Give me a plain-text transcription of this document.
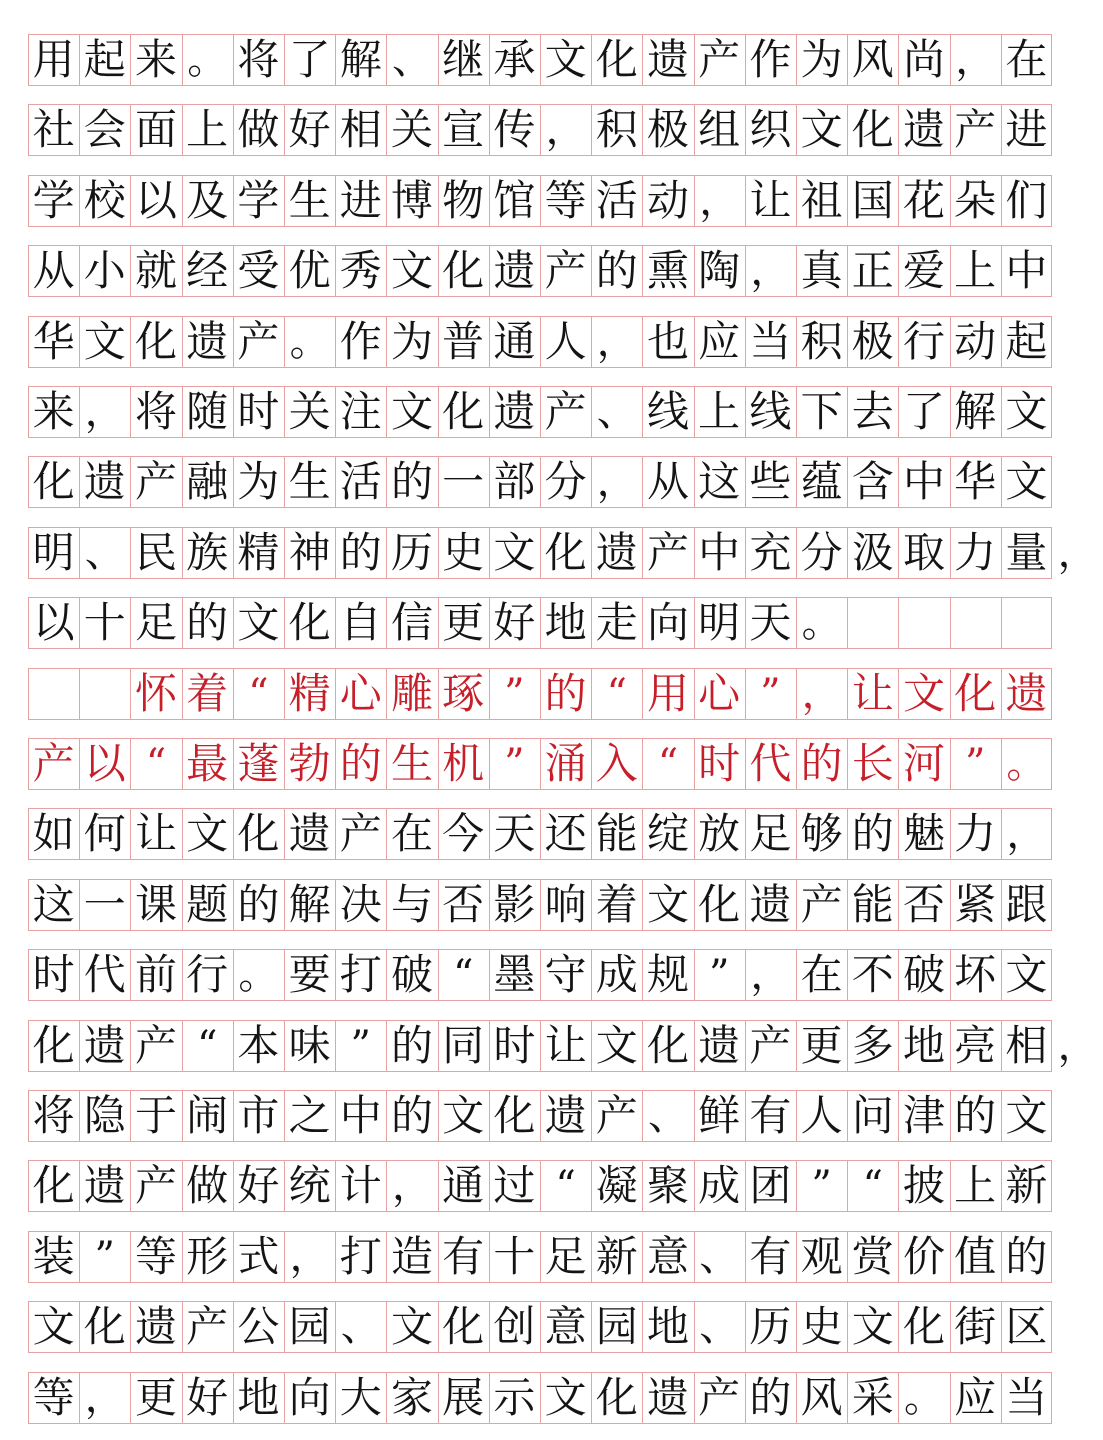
用 起 来 。 将 了 解 、 继 承 文 化 遗 产 作 为 风 尚 ， 在
社 会 面 上 做 好 相 关 宣 传 ， 积 极 组 织 文 化 遗 产 进
学 校 以 及 学 生 进 博 物 馆 等 活 动 ， 让 祖 国 花 朵 们
从 小 就 经 受 优 秀 文 化 遗 产 的 熏 陶 ， 真 正 爱 上 中
华 文 化 遗 产 。 作 为 普 通 人 ， 也 应 当 积 极 行 动 起
来 ， 将 随 时 关 注 文 化 遗 产 、 线 上 线 下 去 了 解 文
化 遗 产 融 为 生 活 的 一 部 分 ， 从 这 些 蕴 含 中 华 文
明 、 民 族 精 神 的 历 史 文 化 遗 产 中 充 分 汲 取 力 量 ，
以 十 足 的 文 化 自 信 更 好 地 走 向 明 天 。

怀 着 “ 精 心 雕 琢 ” 的 “ 用 心 ” ， 让 文 化 遗
产 以 “ 最 蓬 勃 的 生 机 ” 涌 入 “ 时 代 的 长 河 ” 。
如 何 让 文 化 遗 产 在 今 天 还 能 绽 放 足 够 的 魅 力 ，
这 一 课 题 的 解 决 与 否 影 响 着 文 化 遗 产 能 否 紧 跟
时 代 前 行 。 要 打 破 “ 墨 守 成 规 ” ， 在 不 破 坏 文
化 遗 产 “ 本 味 ” 的 同 时 让 文 化 遗 产 更 多 地 亮 相 ，
将 隐 于 闹 市 之 中 的 文 化 遗 产 、 鲜 有 人 问 津 的 文
化 遗 产 做 好 统 计 ， 通 过 “ 凝 聚 成 团 ” “ 披 上 新
装 ” 等 形 式 ， 打 造 有 十 足 新 意 、 有 观 赏 价 值 的
文 化 遗 产 公 园 、 文 化 创 意 园 地 、 历 史 文 化 街 区
等 ， 更 好 地 向 大 家 展 示 文 化 遗 产 的 风 采 。 应 当
